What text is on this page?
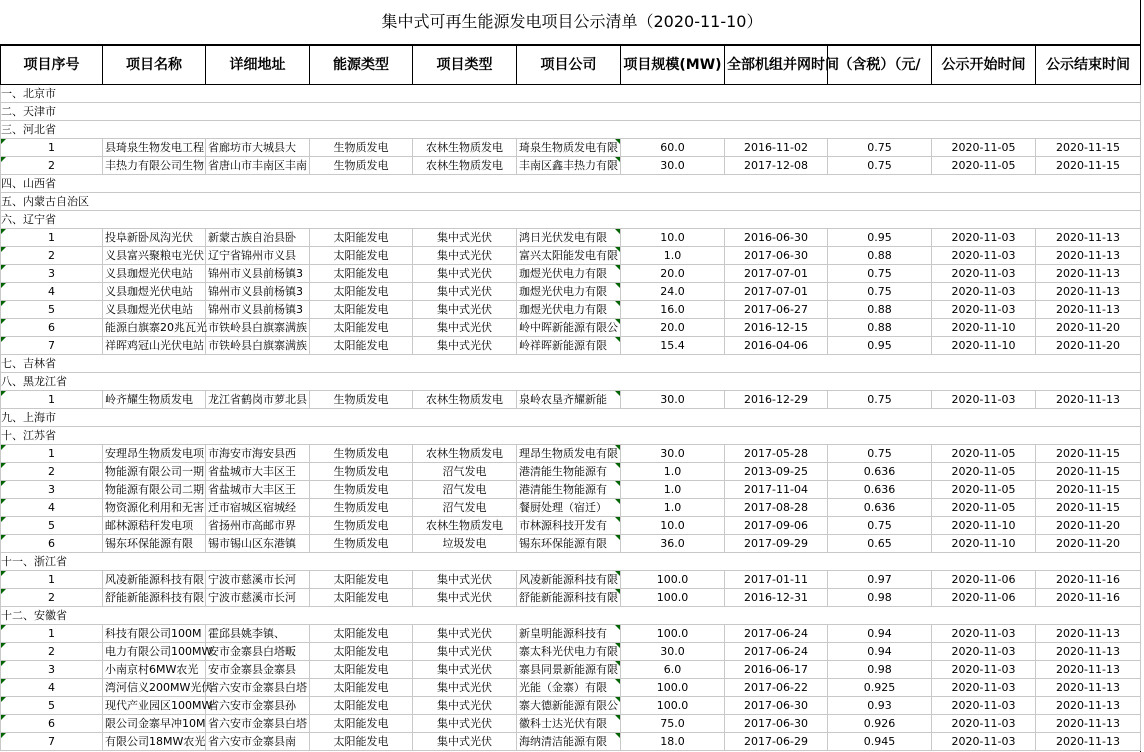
集中式可再生能源发电项目公示清单（2020-11-10）
项目序号	项目名称	详细地址	能源类型	项目类型	项目公司	项目规模(MW)	全部机组并网时间	（含税）（元/	公示开始时间	公示结束时间
一、北京市										
二、天津市										
三、河北省										
1	县琦泉生物发电工程	省廊坊市大城县大	生物质发电	农林生物质发电	琦泉生物质发电有限	60.0	2016-11-02	0.75	2020-11-05	2020-11-15
2	丰热力有限公司生物	省唐山市丰南区丰南	生物质发电	农林生物质发电	丰南区鑫丰热力有限	30.0	2017-12-08	0.75	2020-11-05	2020-11-15
四、山西省										
五、内蒙古自治区										
六、辽宁省										
1	投阜新卧凤沟光伏	新蒙古族自治县卧	太阳能发电	集中式光伏	鸿日光伏发电有限	10.0	2016-06-30	0.95	2020-11-03	2020-11-13
2	义县富兴聚粮屯光伏	辽宁省锦州市义县	太阳能发电	集中式光伏	富兴太阳能发电有限	1.0	2017-06-30	0.88	2020-11-03	2020-11-13
3	义县珈煜光伏电站	锦州市义县前杨镇3	太阳能发电	集中式光伏	珈煜光伏电力有限	20.0	2017-07-01	0.75	2020-11-03	2020-11-13
4	义县珈煜光伏电站	锦州市义县前杨镇3	太阳能发电	集中式光伏	珈煜光伏电力有限	24.0	2017-07-01	0.75	2020-11-03	2020-11-13
5	义县珈煜光伏电站	锦州市义县前杨镇3	太阳能发电	集中式光伏	珈煜光伏电力有限	16.0	2017-06-27	0.88	2020-11-03	2020-11-13
6	能源白旗寨20兆瓦光	市铁岭县白旗寨满族	太阳能发电	集中式光伏	岭中晖新能源有限公	20.0	2016-12-15	0.88	2020-11-10	2020-11-20
7	祥晖鸡冠山光伏电站	市铁岭县白旗寨满族	太阳能发电	集中式光伏	岭祥晖新能源有限	15.4	2016-04-06	0.95	2020-11-10	2020-11-20
七、吉林省										
八、黑龙江省										
1	岭齐耀生物质发电	龙江省鹤岗市萝北县	生物质发电	农林生物质发电	泉岭农垦齐耀新能	30.0	2016-12-29	0.75	2020-11-03	2020-11-13
九、上海市										
十、江苏省										
1	安理昂生物质发电项	市海安市海安县西	生物质发电	农林生物质发电	理昂生物质发电有限	30.0	2017-05-28	0.75	2020-11-05	2020-11-15
2	物能源有限公司一期	省盐城市大丰区王	生物质发电	沼气发电	港清能生物能源有	1.0	2013-09-25	0.636	2020-11-05	2020-11-15
3	物能源有限公司二期	省盐城市大丰区王	生物质发电	沼气发电	港清能生物能源有	1.0	2017-11-04	0.636	2020-11-05	2020-11-15
4	物资源化利用和无害	迁市宿城区宿城经	生物质发电	沼气发电	餐厨处理（宿迁）	1.0	2017-08-28	0.636	2020-11-05	2020-11-15
5	邮林源秸秆发电项	省扬州市高邮市界	生物质发电	农林生物质发电	市林源科技开发有	10.0	2017-09-06	0.75	2020-11-10	2020-11-20
6	锡东环保能源有限	锡市锡山区东港镇	生物质发电	垃圾发电	锡东环保能源有限	36.0	2017-09-29	0.65	2020-11-10	2020-11-20
十一、浙江省										
1	风凌新能源科技有限	宁波市慈溪市长河	太阳能发电	集中式光伏	风凌新能源科技有限	100.0	2017-01-11	0.97	2020-11-06	2020-11-16
2	舒能新能源科技有限	宁波市慈溪市长河	太阳能发电	集中式光伏	舒能新能源科技有限	100.0	2016-12-31	0.98	2020-11-06	2020-11-16
十二、安徽省										
1	科技有限公司100M	霍邱县姚李镇、	太阳能发电	集中式光伏	新皇明能源科技有	100.0	2017-06-24	0.94	2020-11-03	2020-11-13
2	电力有限公司100MW	安市金寨县白塔畈	太阳能发电	集中式光伏	寨太科光伏电力有限	30.0	2017-06-24	0.94	2020-11-03	2020-11-13
3	小南京村6MW农光	安市金寨县金寨县	太阳能发电	集中式光伏	寨县同景新能源有限	6.0	2016-06-17	0.98	2020-11-03	2020-11-13
4	湾河信义200MW光伏	省六安市金寨县白塔	太阳能发电	集中式光伏	光能（金寨）有限	100.0	2017-06-22	0.925	2020-11-03	2020-11-13
5	现代产业园区100MW	省六安市金寨县孙	太阳能发电	集中式光伏	寨大德新能源有限公	100.0	2017-06-30	0.93	2020-11-03	2020-11-13
6	限公司金寨早冲10M	省六安市金寨县白塔	太阳能发电	集中式光伏	徽科士达光伏有限	75.0	2017-06-30	0.926	2020-11-03	2020-11-13
7	有限公司18MW农光	省六安市金寨县南	太阳能发电	集中式光伏	海纳清洁能源有限	18.0	2017-06-29	0.945	2020-11-03	2020-11-13
